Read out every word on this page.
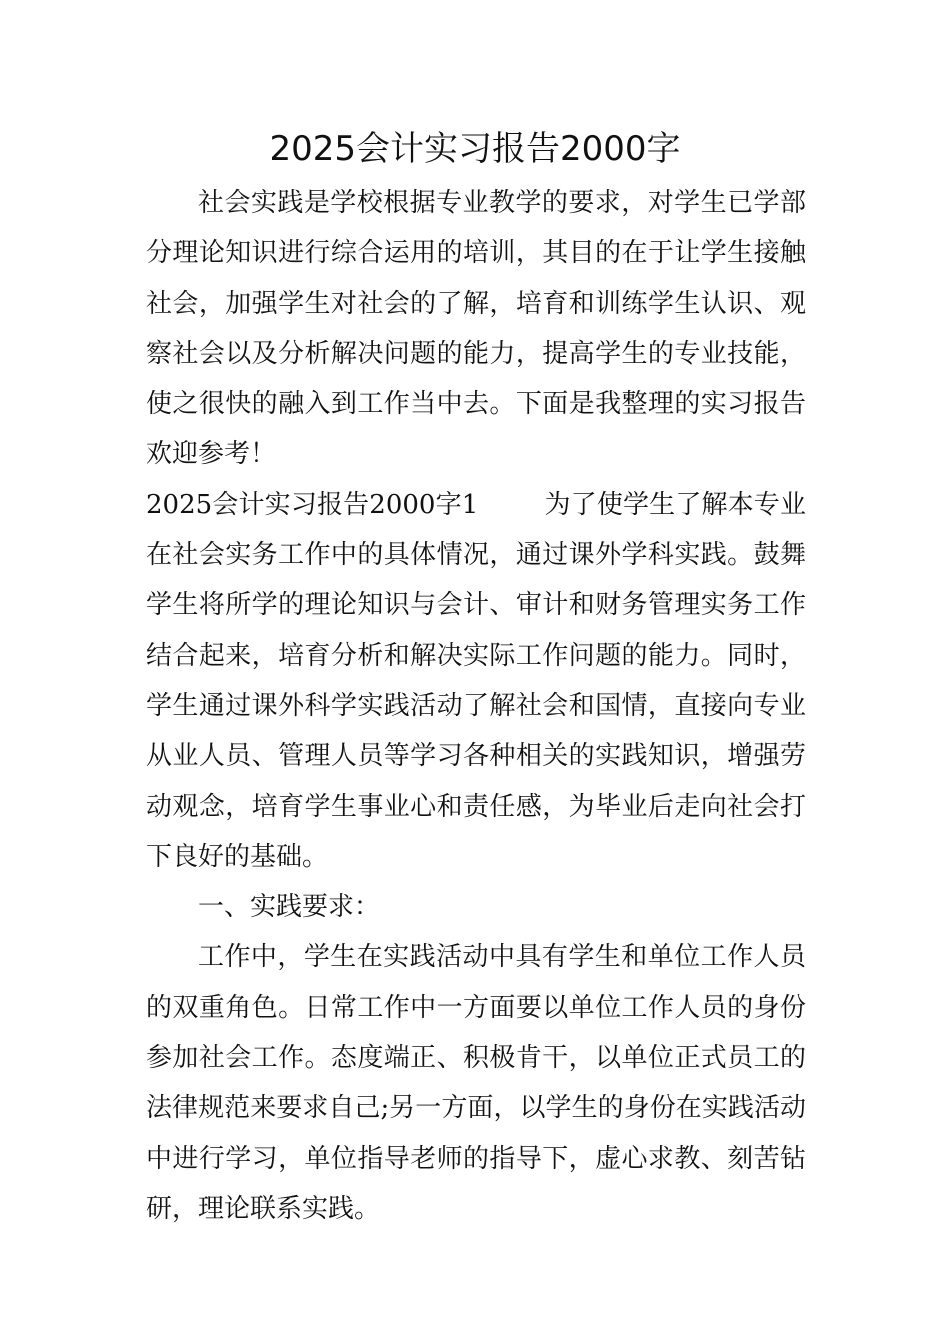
2025会计实习报告2000字

社会实践是学校根据专业教学的要求，对学生已学部分理论知识进行综合运用的培训，其目的在于让学生接触社会，加强学生对社会的了解，培育和训练学生认识、观察社会以及分析解决问题的能力，提高学生的专业技能，使之很快的融入到工作当中去。下面是我整理的实习报告欢迎参考！

2025会计实习报告2000字1	为了使学生了解本专业在社会实务工作中的具体情况，通过课外学科实践。鼓舞学生将所学的理论知识与会计、审计和财务管理实务工作结合起来，培育分析和解决实际工作问题的能力。同时，学生通过课外科学实践活动了解社会和国情，直接向专业从业人员、管理人员等学习各种相关的实践知识，增强劳动观念，培育学生事业心和责任感，为毕业后走向社会打下良好的基础。

一、实践要求：

工作中，学生在实践活动中具有学生和单位工作人员的双重角色。日常工作中一方面要以单位工作人员的身份参加社会工作。态度端正、积极肯干，以单位正式员工的法律规范来要求自己;另一方面，以学生的身份在实践活动中进行学习，单位指导老师的指导下，虚心求教、刻苦钻研，理论联系实践。
